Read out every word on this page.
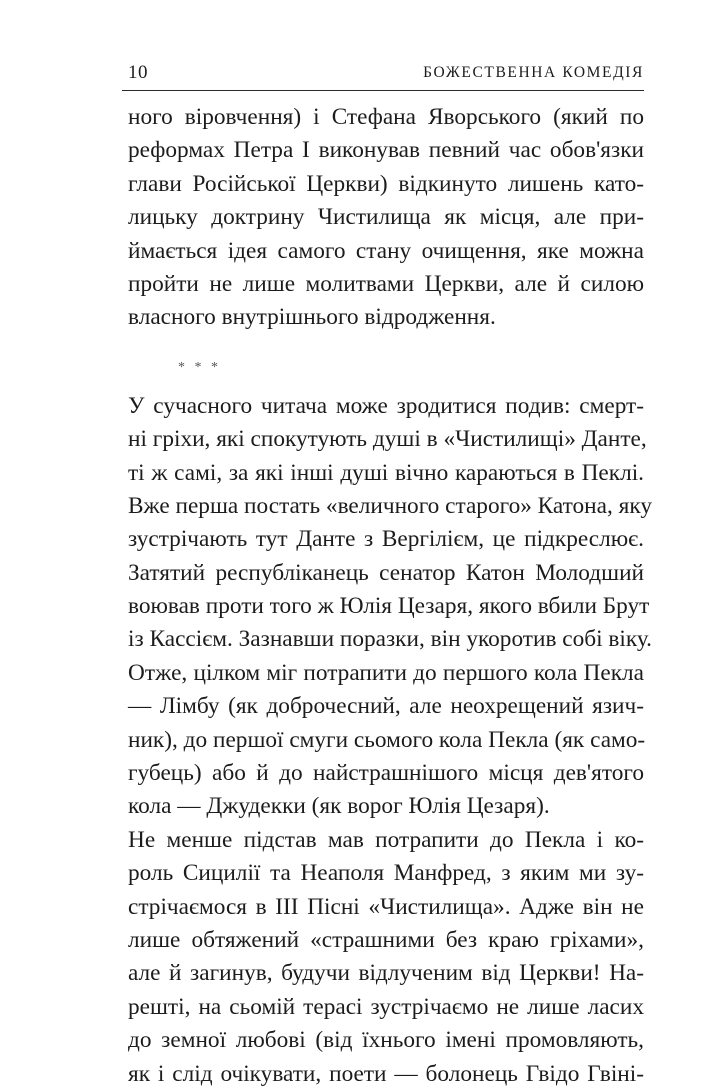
10	БОЖЕСТВЕННА КОМЕДІЯ
ного віровчення) і Стефана Яворського (який по
реформах Петра І виконував певний час обов'язки
глави Російської Церкви) відкинуто лишень като-
лицьку доктрину Чистилища як місця, але при-
ймається ідея самого стану очищення, яке можна
пройти не лише молитвами Церкви, але й силою
власного внутрішнього відродження.
* * *
У сучасного читача може зродитися подив: смерт-
ні гріхи, які спокутують душі в «Чистилищі» Данте,
ті ж самі, за які інші душі вічно караються в Пеклі.
Вже перша постать «величного старого» Катона, яку
зустрічають тут Данте з Вергілієм, це підкреслює.
Затятий республіканець сенатор Катон Молодший
воював проти того ж Юлія Цезаря, якого вбили Брут
із Кассієм. Зазнавши поразки, він укоротив собі віку.
Отже, цілком міг потрапити до першого кола Пекла
— Лімбу (як доброчесний, але неохрещений язич-
ник), до першої смуги сьомого кола Пекла (як само-
губець) або й до найстрашнішого місця дев'ятого
кола — Джудекки (як ворог Юлія Цезаря).
Не менше підстав мав потрапити до Пекла і ко-
роль Сицилії та Неаполя Манфред, з яким ми зу-
стрічаємося в III Пісні «Чистилища». Адже він не
лише обтяжений «страшними без краю гріхами»,
але й загинув, будучи відлученим від Церкви! На-
решті, на сьомій терасі зустрічаємо не лише ласих
до земної любові (від їхнього імені промовляють,
як і слід очікувати, поети — болонець Гвідо Гвіні-
